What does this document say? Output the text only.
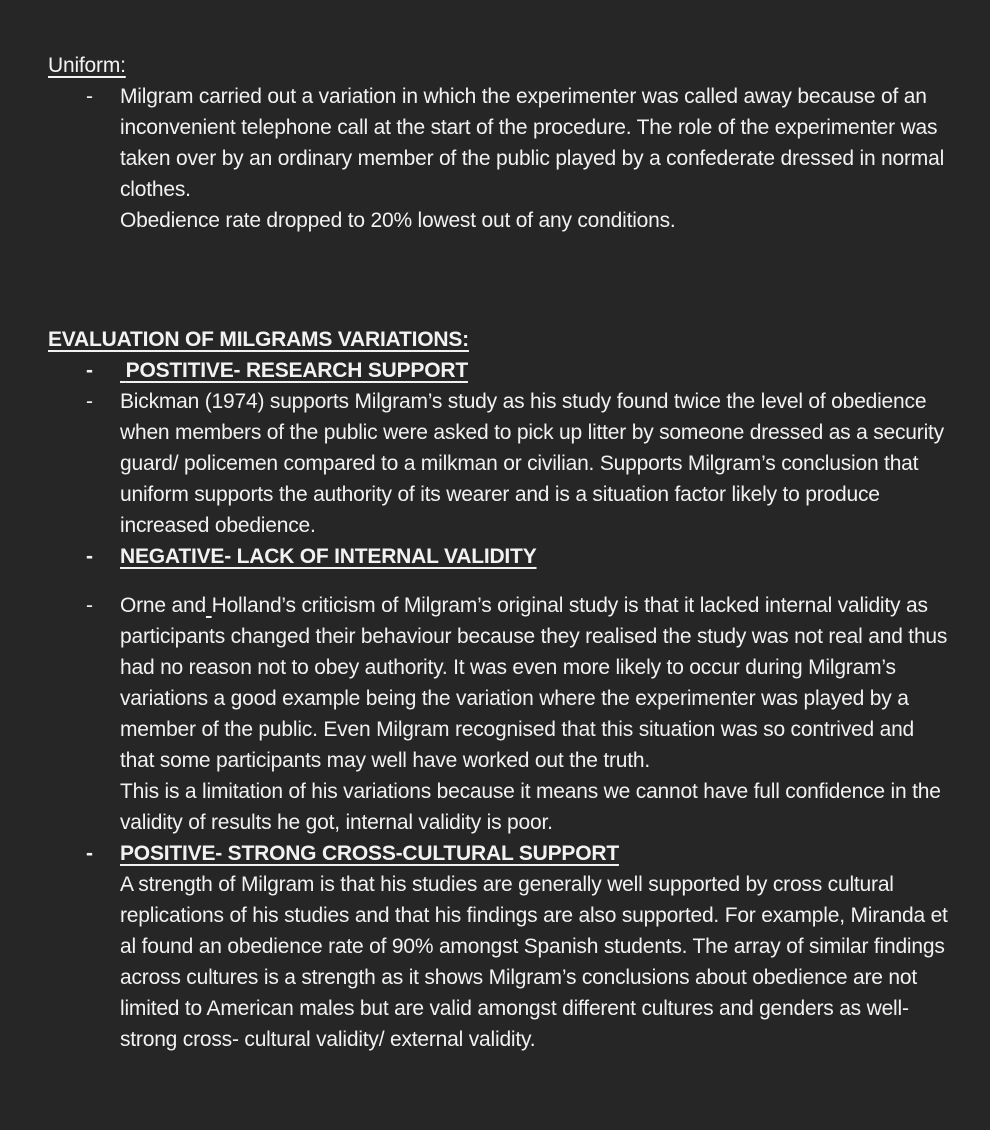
Uniform:
-	Milgram carried out a variation in which the experimenter was called away because of an inconvenient telephone call at the start of the procedure. The role of the experimenter was taken over by an ordinary member of the public played by a confederate dressed in normal clothes.

Obedience rate dropped to 20% lowest out of any conditions.

EVALUATION OF MILGRAMS VARIATIONS:
-	POSTITIVE- RESEARCH SUPPORT
-	Bickman (1974) supports Milgram’s study as his study found twice the level of obedience when members of the public were asked to pick up litter by someone dressed as a security guard/ policemen compared to a milkman or civilian. Supports Milgram’s conclusion that uniform supports the authority of its wearer and is a situation factor likely to produce increased obedience.

-	NEGATIVE- LACK OF INTERNAL VALIDITY
-	Orne and Holland’s criticism of Milgram’s original study is that it lacked internal validity as participants changed their behaviour because they realised the study was not real and thus had no reason not to obey authority. It was even more likely to occur during Milgram’s variations a good example being the variation where the experimenter was played by a member of the public. Even Milgram recognised that this situation was so contrived and that some participants may well have worked out the truth.

This is a limitation of his variations because it means we cannot have full confidence in the validity of results he got, internal validity is poor.

-	POSITIVE- STRONG CROSS-CULTURAL SUPPORT

A strength of Milgram is that his studies are generally well supported by cross cultural replications of his studies and that his findings are also supported. For example, Miranda et al found an obedience rate of 90% amongst Spanish students. The array of similar findings across cultures is a strength as it shows Milgram’s conclusions about obedience are not limited to American males but are valid amongst different cultures and genders as well- strong cross- cultural validity/ external validity.
